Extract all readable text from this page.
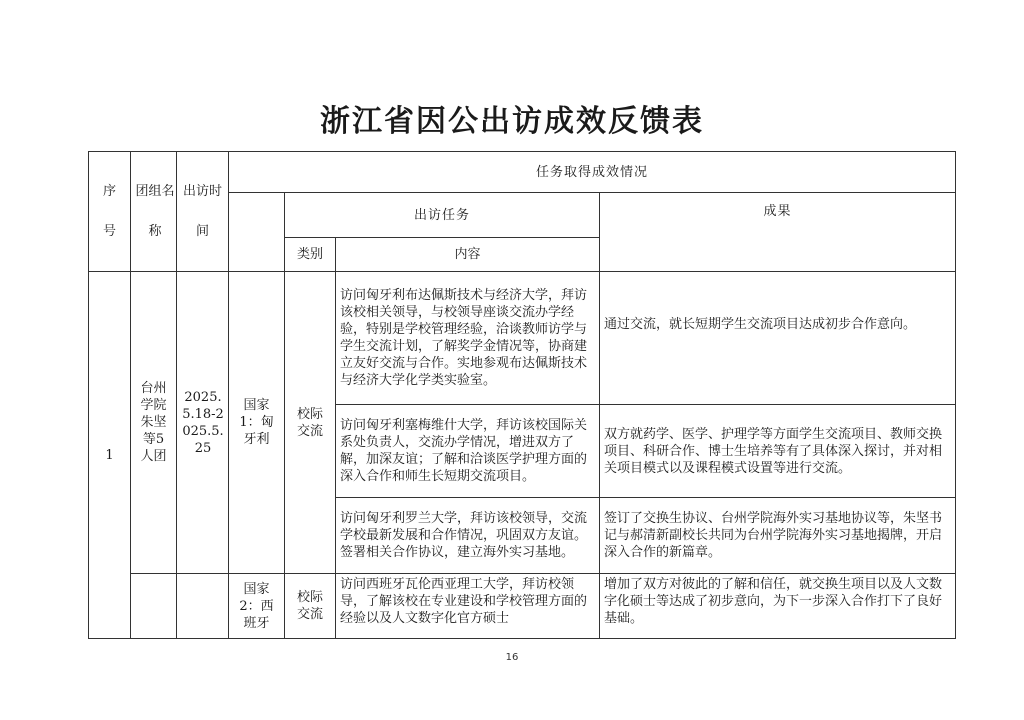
浙江省因公出访成效反馈表
序号	团组名称	出访时间	任务取得成效情况			
				出访任务		成果
				类别	内容	
1	台州学院朱坚等5人团	2025.5.18-2025.5.25	国家1：匈牙利	校际交流	访问匈牙利布达佩斯技术与经济大学，拜访该校相关领导，与校领导座谈交流办学经验，特别是学校管理经验，洽谈教师访学与学生交流计划，了解奖学金情况等，协商建立友好交流与合作。实地参观布达佩斯技术与经济大学化学类实验室。	通过交流，就长短期学生交流项目达成初步合作意向。
					访问匈牙利塞梅维什大学，拜访该校国际关系处负责人，交流办学情况，增进双方了解，加深友谊；了解和洽谈医学护理方面的深入合作和师生长短期交流项目。	双方就药学、医学、护理学等方面学生交流项目、教师交换项目、科研合作、博士生培养等有了具体深入探讨，并对相关项目模式以及课程模式设置等进行交流。
					访问匈牙利罗兰大学，拜访该校领导，交流学校最新发展和合作情况，巩固双方友谊。签署相关合作协议，建立海外实习基地。	签订了交换生协议、台州学院海外实习基地协议等，朱坚书记与郝清新副校长共同为台州学院海外实习基地揭牌，开启深入合作的新篇章。

			国家2：西班牙	校际交流	访问西班牙瓦伦西亚理工大学，拜访校领导，了解该校在专业建设和学校管理方面的经验以及人文数字化官方硕士	增加了双方对彼此的了解和信任，就交换生项目以及人文数字化硕士等达成了初步意向，为下一步深入合作打下了良好基础。
16
